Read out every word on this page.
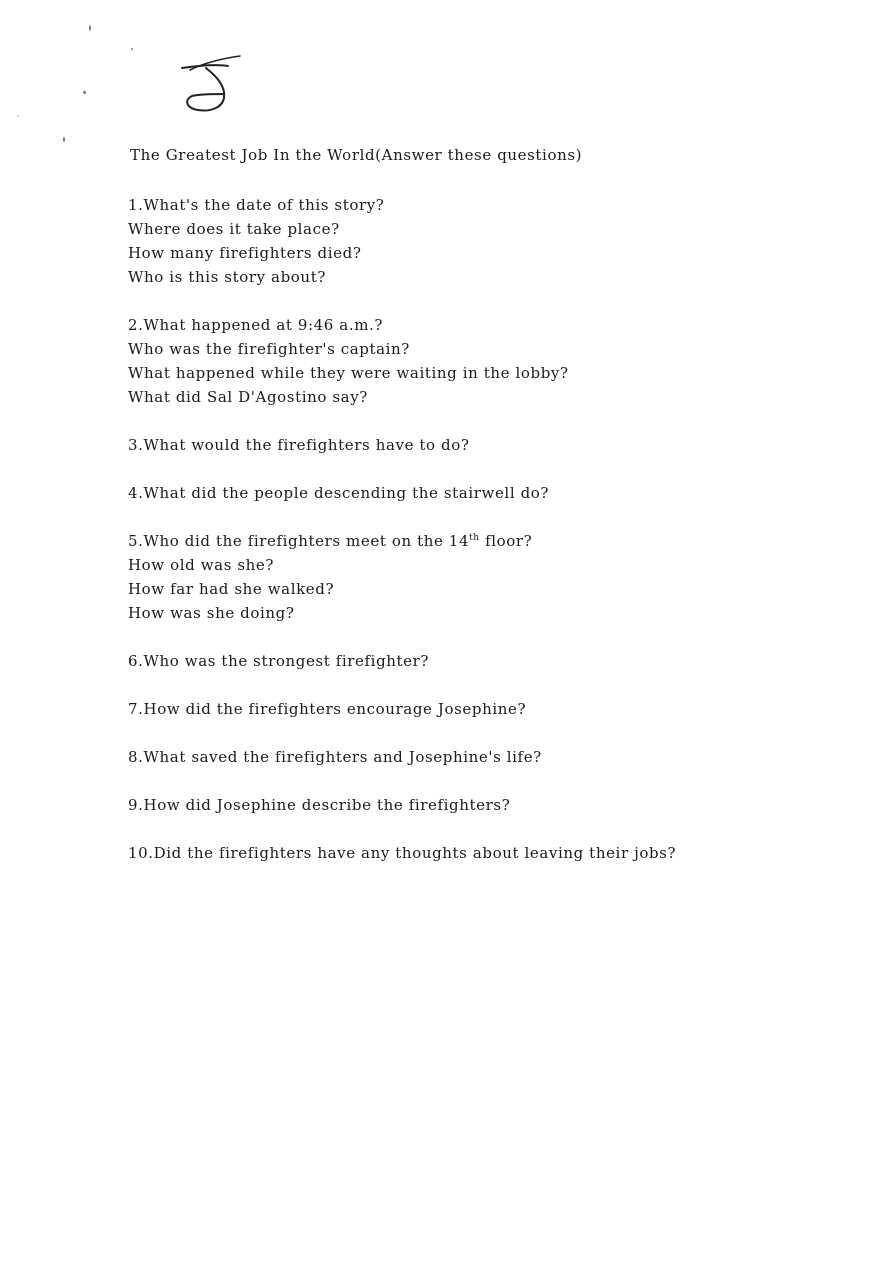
The Greatest Job In the World(Answer these questions)
1.What's the date of this story?
Where does it take place?
How many firefighters died?
Who is this story about?
2.What happened at 9:46 a.m.?
Who was the firefighter's captain?
What happened while they were waiting in the lobby?
What did Sal D'Agostino say?
3.What would the firefighters have to do?
4.What did the people descending the stairwell do?
5.Who did the firefighters meet on the 14th floor?
How old was she?
How far had she walked?
How was she doing?
6.Who was the strongest firefighter?
7.How did the firefighters encourage Josephine?
8.What saved the firefighters and Josephine's life?
9.How did Josephine describe the firefighters?
10.Did the firefighters have any thoughts about leaving their jobs?
